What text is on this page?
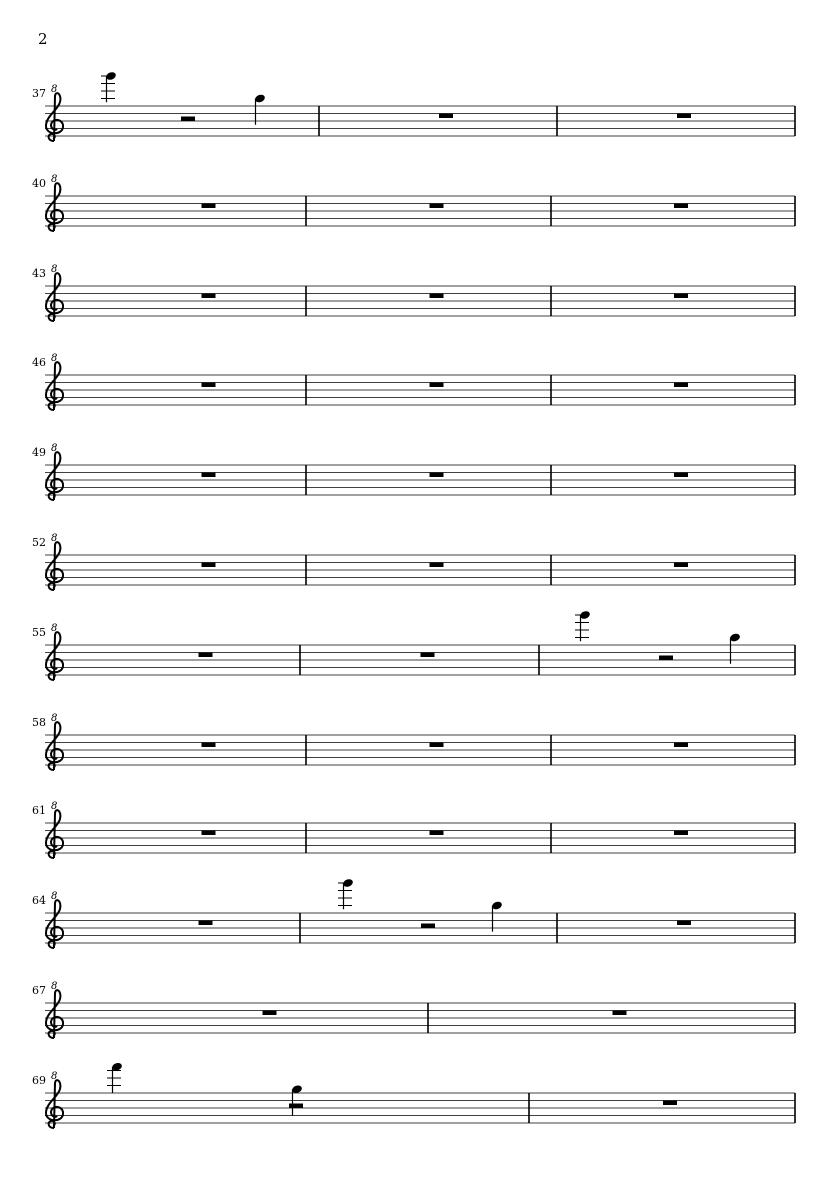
2
8
37
8
40
8
43
8
46
8
49
8
52
8
55
8
58
8
61
8
64
8
67
8
69
